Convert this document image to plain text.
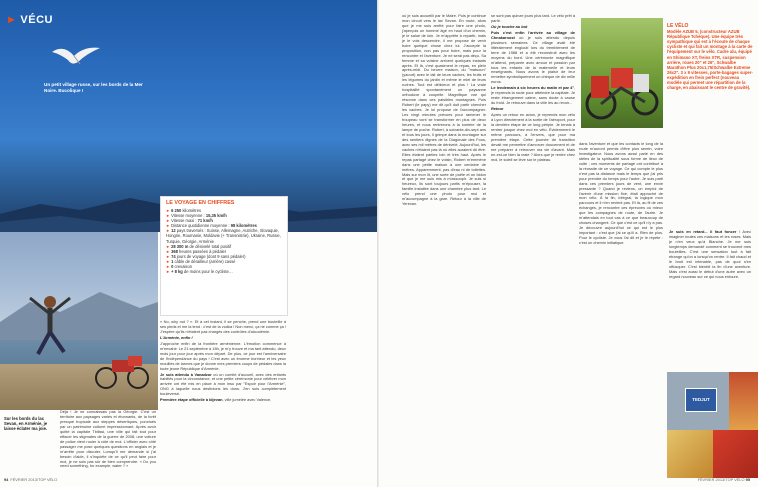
► VÉCU
Un petit village russe, sur les bords de la Mer Noire. Bucolique !
Sur les bords du lac Sevan, en Arménie, je laisse éclater ma joie.
LE VOYAGE EN CHIFFRES
►6 250 kilomètres
►Vitesse moyenne : 15,35 km/h
►Vitesse maxi : 71 km/h
►Distance quotidienne moyenne : 98 kilomètres
►12 pays traversés : Suisse, Allemagne, Autriche, Slovaquie, Hongrie, Roumanie, Moldavie (+ Transnistrie), Ukraine, Russie, Turquie, Géorgie, Arménie
►28 300 m de dénivelé total positif
►368 heures passées à pédaler
►74 jours de voyage (dont 9 sans pédaler)
►1 câble de dérailleur (arrière) cassé
►0 crevaison
►+ 8 kg de moins pour le cycliste…

Déjà ! Je ne connaissais pas la Géorgie. C'est un territoire aux paysages variés et étonnants, de la forêt presque tropicale aux steppes désertiques, ponctués par un patrimoine culturel impressionnant. Après avoir quitté la capitale Tbilissi, une ville qui fait tout pour effacer les stigmates de la guerre de 2008, une voiture de police vient rouler à côté de moi. L'officier avec côté passager me pose quelques questions en anglais et je m'arrête pour discuter. Lorsqu'il me demande si j'ai besoin d'aide, il s'inquiète de ce qu'il peut faire pour moi, je ne suis pas sûr de bien comprendre. « Do you need something, for example, water ? »

« No, why not ? ». Et à cet instant, il se penche, prend une bouteille à ses pieds et me la tend : c'est de la vodka ! Non merci, ça ne comme ça ! J'espère qu'ils n'étaient pas chargés des contrôles d'alcoolémie.

L'Arménie, enfin !

J'approche enfin de la frontière arménienne. L'émotion commence à m'envahir. Le 21 septembre à 18h, je m'y trouve et ma tant attendu, deux mois jour pour jour après mon départ. De plus, ce jour est l'anniversaire de l'indépendance du pays ! C'est avec un énorme bonheur et les yeux mouillés de larmes que je donne mes premiers coups de pédales dans la toute jeune République d'Arménie.

Je suis attendu à Vanadzor où un comité d'accueil, avec des enfants habillés pour la circonstance, et une petite cérémonie pour célébrer mon arrivée ont été mis en place à mon insu par "Espoir pour l'Arménie", ONG à laquelle nous destinions les dons. J'en suis complètement bouleversé.

Première étape officielle à Idjevan, ville jumelée avec Valence,

94 FÉVRIER 2013/TOP VÉLO

où je suis accueilli par le Maire. Puis je continue mon circuit vers le lac Sevan. En route, alors que je me suis arrêté pour faire une photo, j'aperçois un homme âgé en haut d'un chemin, je le salue de loin. Je m'apprête à repartir, mais je le vois descendre, il me propose de venir boire quelque chose chez lui. J'accepte la proposition, non pas pour boire, mais pour la rencontre et l'aventure. Je ne serai pas déçu. Sa femme et sa voisine arrivent quelques instants après. Et là, c'est quasiment le repas, en plein après-midi. Du beurre maison, du "matsoun" (yaourt) avec le lait de leurs vaches, les fruits et les légumes du jardin et même le miel de leurs ruches. Tout est délicieux et plus ! La vraie hospitalité spontanément un paysanne orthodoxe à coupelle. Magnifique vue qui résonne dans ces paisibles montagnes. Puis Robert (le papy) me dit qu'il doit partir chercher les vaches. Je lui propose de l'accompagner. Les vingt minutes prévues pour ramener le troupeau vont se transformer en plus de deux heures, et nous rentrerons à la lumière de la lampe de poche. Robert, à soixante-dix-sept ans et tous les jours, il grimpe dans la montagne sur des sentiers dignes de la Diagonale des Fous, avec ses mil mètres de dénivelé. Aujourd'hui, les vaches n'étaient pas là où elles auraient dû être. Elles étaient parties loin et très haut. Après le repas partagé chez le voisin, Robert m'emmène dans une petite maison à une centaine de mètres. Apparemment, pas d'eau ni de toilettes. Mais sur mon lit, une sorte de poêle et un bidon et que je me suis mis à m'assoupir. Je suis si heureux, ils sont toujours partis m'épouser, la famille installée dans une chambre plus tard. Le vélo prend une photo pour moi et m'accompagne à la gare. Retour à la ville de Yerevan.

se sont pas quinze jours plus tard. Le vélo prêt à partir.

Où je touche au but

Puis c'est enfin l'arrivée au village de Chnakarnost où je suis attendu depuis plusieurs semaines. Ce village avait été littéralement englouti lors du tremblement de terre de 1988 et a été reconstruit avec les moyens du bord. Une cérémonie magnifique m'attend, préparée avec amour et passion par tous les enfants de la maternelle et leurs enseignants. Nous avons le plaisir de leur remettre symboliquement un chèque de dix mille euros.

Le lendemain à six heures du matin et par 4°, je reprends la route pour atteindre la capitale. Je reste étrangement calme, sans doute à cause du froid. Je retrouve dans la ville les au revoir...

Retour

Après un retour en avion, je reprends mon vélo à Lyon directement à la sortie de l'aéroport, pour la dernière étape de ce long périple. Je tenais à rentrer jusque chez moi en vélo. Évidemment le même parcours, à l'envers, que pour ma première étape. Cette journée de transition devait me permettre d'amorcer doucement et de me préparer à retrouver ma vie d'avant. Mais en-est-ce bien la vraie ? Alors que je rentre chez moi, le soleil se lève sur le plateau.

LE VÉLO
Modèle AZUB 5, (constructeur AZUB République Tchèque). Une équipe très sympathique qui est à l'écoute de chaque cycliste et qui fait un montage à la carte de l'équipement sur le vélo. Cadre alu, équipé en Shimano XT, freins XTR, suspension arrière, roues 20" et 26", Schwalbe Marathon Plus 20x1,75/Schwalbe Extreme 26x2". 3 x 9 vitesses, porte-bagages super-expédition en frein perfect (nouveau modèle qui permet une répartition de la charge, en abaissant le centre de gravité).

dans l'aventure et que les contacts le long de la route m'auront permis d'être plus serein, voire investigateur. Nous avons aussi parlé en des stèles de la spiritualité sous forme de lieux de culte ; ces moments de partage ont contribué à la réussite de ce voyage. Ce qui compte le plus n'est pas la distance mais le temps que j'ai pris pour prendre du temps pour l'autre. Je suis parti dans ces premiers jours de vent, une envie pressante ? Quand je reviens, un emploi de l'avenir d'une mission fixe, était approché de mon vélo. À la fin, intégral, la logique mon parcours et il n'en revient pas. Et là, au fil de ces échanges, je rencontre ces épreuves où mieux que les compagnes de route, de l'autre. Je m'attendais en tout cas à ce que beaucoup de choses changent. Ce que c'est ce qu'il n'y a pas. Je découvre aujourd'hui ce qui est le plus important : c'est que j'ai ce qu'il a. Rien de plus. Pour le cycliste. Je vous l'ai dit et je le répète : c'est un chemin initiatique.

Je suis en retard... il faut foncer ! Avec imaginer toutes ces maisons et les roses. Mais je n'en veux qu'à Blanche. Je me suis longtemps demandé comment se trouvent mes bouteilles. C'est une sensation tout à fait étrange qu'on a lorsqu'on rentre. Il fait chaud et le bruit est intenable, pas de quoi s'en offusquer. C'est bientôt la fin d'une aventure. Mais c'est aussi le début d'une autre avec un regard nouveau sur ce qui nous entoure.

TEDJUT
FÉVRIER 2013/TOP VÉLO 95
